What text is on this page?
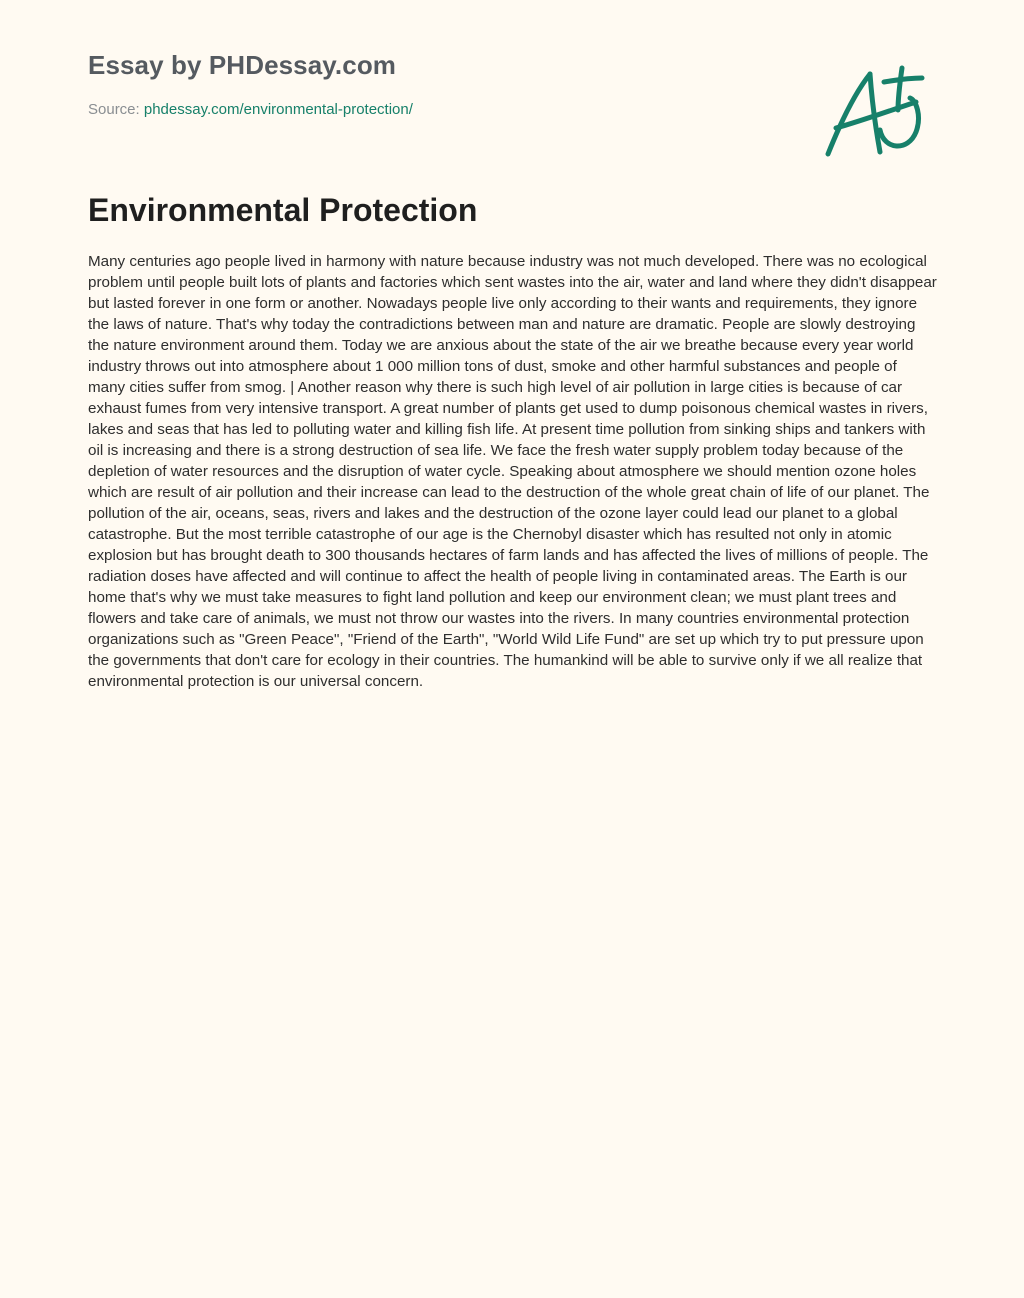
Essay by PHDessay.com
Source: phdessay.com/environmental-protection/
Environmental Protection

Many centuries ago people lived in harmony with nature because industry was not much developed. There was no ecological problem until people built lots of plants and factories which sent wastes into the air, water and land where they didn't disappear but lasted forever in one form or another. Nowadays people live only according to their wants and requirements, they ignore the laws of nature. That's why today the contradictions between man and nature are dramatic. People are slowly destroying the nature environment around them. Today we are anxious about the state of the air we breathe because every year world industry throws out into atmosphere about 1 000 million tons of dust, smoke and other harmful substances and people of many cities suffer from smog. | Another reason why there is such high level of air pollution in large cities is because of car exhaust fumes from very intensive transport. A great number of plants get used to dump poisonous chemical wastes in rivers, lakes and seas that has led to polluting water and killing fish life. At present time pollution from sinking ships and tankers with oil is increasing and there is a strong destruction of sea life. We face the fresh water supply problem today because of the depletion of water resources and the disruption of water cycle. Speaking about atmosphere we should mention ozone holes which are result of air pollution and their increase can lead to the destruction of the whole great chain of life of our planet. The pollution of the air, oceans, seas, rivers and lakes and the destruction of the ozone layer could lead our planet to a global catastrophe. But the most terrible catastrophe of our age is the Chernobyl disaster which has resulted not only in atomic explosion but has brought death to 300 thousands hectares of farm lands and has affected the lives of millions of people. The radiation doses have affected and will continue to affect the health of people living in contaminated areas. The Earth is our home that's why we must take measures to fight land pollution and keep our environment clean; we must plant trees and flowers and take care of animals, we must not throw our wastes into the rivers. In many countries environmental protection organizations such as "Green Peace", "Friend of the Earth", "World Wild Life Fund" are set up which try to put pressure upon the governments that don't care for ecology in their countries. The humankind will be able to survive only if we all realize that environmental protection is our universal concern.
